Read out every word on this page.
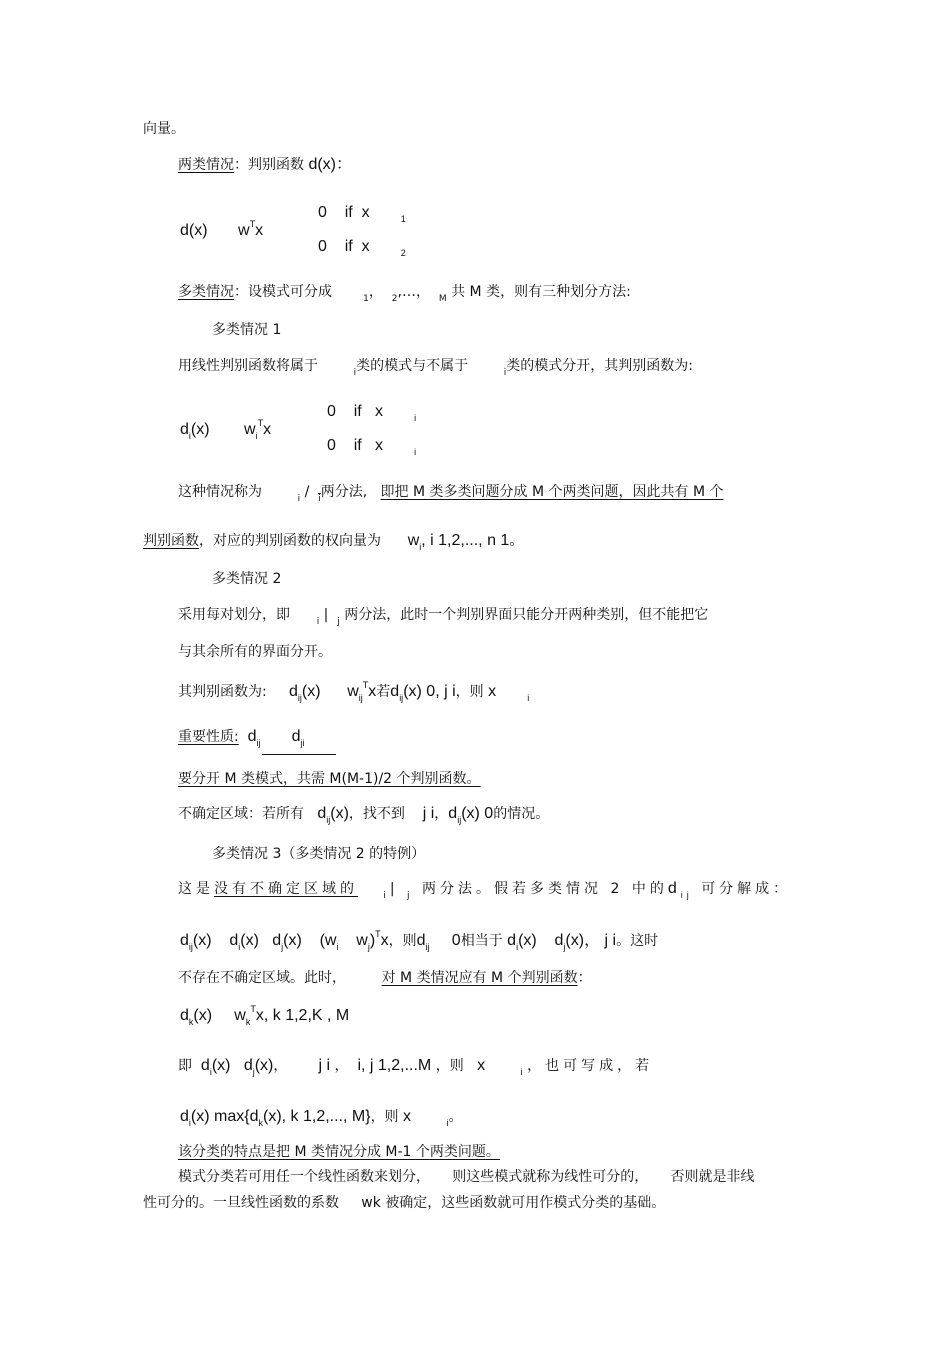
向量。
两类情况：判别函数 d(x)：
d(x) $w^Tx$
0 if x	$_1$
0 if x	$_2$
多类情况：设模式可分成	$_1$， $_2$,…， $_M$ 共 M 类，则有三种划分方法:
多类情况 1
用线性判别函数将属于	$_i$类的模式与不属于	$_i$类的模式分开，其判别函数为:
$d_i(x)$ $w_i^Tx$
0 if x	$_i$
0 if x	$_i$
这种情况称为	$_i$ / $_{\overline{i}}$两分法, 即把 M 类多类问题分成 M 个两类问题，因此共有 M 个
判别函数，对应的判别函数的权向量为 $w_i$, i 1,2,..., n 1。
多类情况 2
采用每对划分，即	$_i$ | $_j$ 两分法，此时一个判别界面只能分开两种类别，但不能把它
与其余所有的界面分开。
其判别函数为: $d_{ij}(x)$ $w_{ij}^Tx$若$d_{ij}(x)$ 0, j i，则 x	$_i$
重要性质: $d_{ij}$ $d_{ji}$
要分开 M 类模式，共需 M(M-1)/2 个判别函数。
不确定区域：若所有 $d_{ij}(x)$，找不到 j i，$d_{ij}(x)$ 0的情况。
多类情况 3（多类情况 2 的特例）
这是没有不确定区域的	$_i$| $_j$ 两分法。假若多类情况 2 中的$d_{ij}$ 可分解成：
$d_{ij}(x)$ $d_i(x)$ $d_j(x)$ ($w_i$ $w_j)^Tx$，则$d_{ij}$ 0相当于 $d_i(x)$ $d_j(x)$， j i。这时
不存在不确定区域。此时，	对 M 类情况应有 M 个判别函数：
$d_k(x)$ $w_k^Tx$, k 1,2,K , M
即 $d_i(x)$ $d_j(x)$， j i ， i, j 1,2,...M ，则 x	$_i$ ，也可写成，若
$d_i(x)$ $\max\{d_k(x)$, k 1,2,..., M}，则 x	$_i$。
该分类的特点是把 M 类情况分成 M-1 个两类问题。
模式分类若可用任一个线性函数来划分，     则这些模式就称为线性可分的，     否则就是非线
性可分的。一旦线性函数的系数     wk 被确定，这些函数就可用作模式分类的基础。
